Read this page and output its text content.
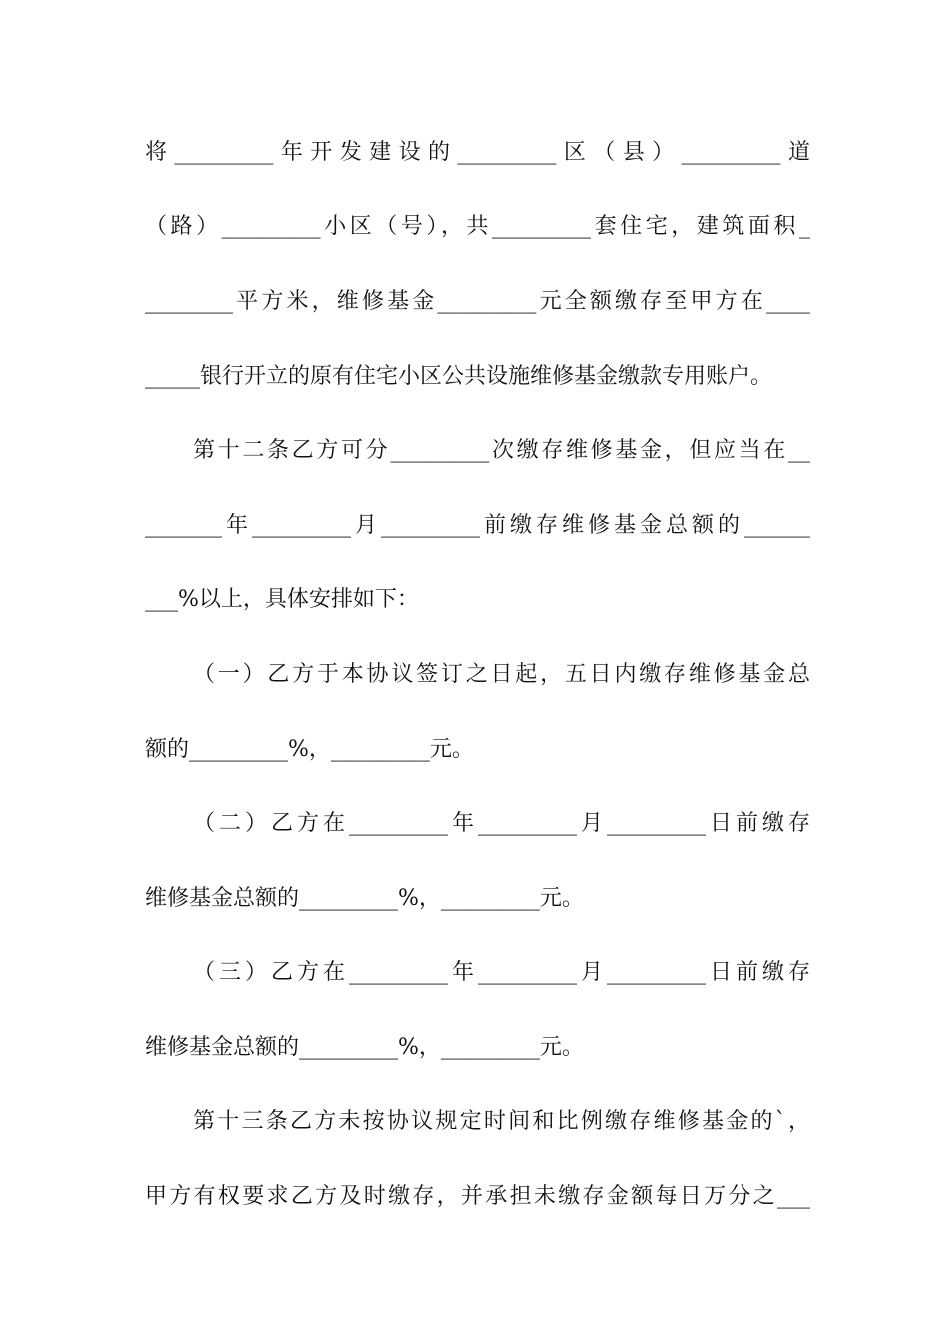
将_________年开发建设的_________区（县）_________道
（路）_________小区（号），共_________套住宅，建筑面积_
________平方米，维修基金_________元全额缴存至甲方在____
_____银行开立的原有住宅小区公共设施维修基金缴款专用账户。
第十二条乙方可分_________次缴存维修基金，但应当在__
_______年_________月_________前缴存维修基金总额的______
___%以上，具体安排如下：
（一）乙方于本协议签订之日起，五日内缴存维修基金总
额的_________%，_________元。
（二）乙方在_________年_________月_________日前缴存
维修基金总额的_________%，_________元。
（三）乙方在_________年_________月_________日前缴存
维修基金总额的_________%，_________元。
第十三条乙方未按协议规定时间和比例缴存维修基金的`，
甲方有权要求乙方及时缴存，并承担未缴存金额每日万分之___
